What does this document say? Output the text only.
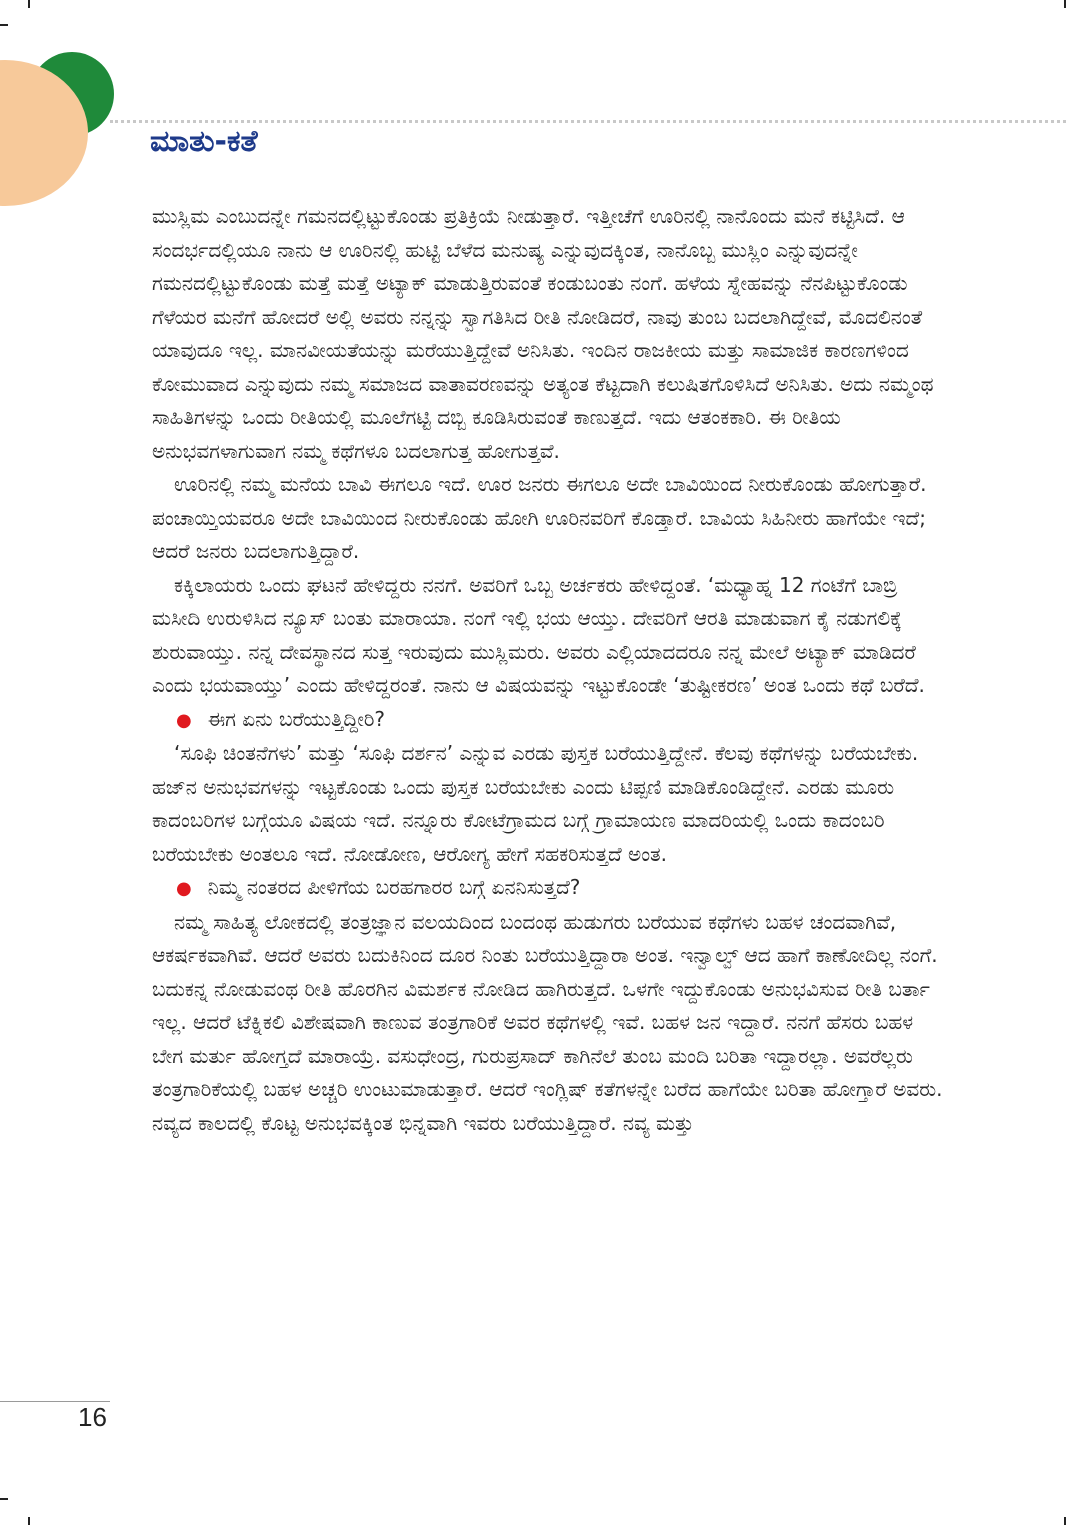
ಮಾತು-ಕತೆ

ಮುಸ್ಲಿಮ ಎಂಬುದನ್ನೇ ಗಮನದಲ್ಲಿಟ್ಟುಕೊಂಡು ಪ್ರತಿಕ್ರಿಯೆ ನೀಡುತ್ತಾರೆ. ಇತ್ತೀಚೆಗೆ ಊರಿನಲ್ಲಿ ನಾನೊಂದು ಮನೆ ಕಟ್ಟಿಸಿದೆ. ಆ ಸಂದರ್ಭದಲ್ಲಿಯೂ ನಾನು ಆ ಊರಿನಲ್ಲಿ ಹುಟ್ಟಿ ಬೆಳೆದ ಮನುಷ್ಯ ಎನ್ನುವುದಕ್ಕಿಂತ, ನಾನೊಬ್ಬ ಮುಸ್ಲಿಂ ಎನ್ನುವುದನ್ನೇ ಗಮನದಲ್ಲಿಟ್ಟುಕೊಂಡು ಮತ್ತೆ ಮತ್ತೆ ಅಟ್ಯಾಕ್ ಮಾಡುತ್ತಿರುವಂತೆ ಕಂಡುಬಂತು ನಂಗೆ. ಹಳೆಯ ಸ್ನೇಹವನ್ನು ನೆನಪಿಟ್ಟುಕೊಂಡು ಗೆಳೆಯರ ಮನೆಗೆ ಹೋದರೆ ಅಲ್ಲಿ ಅವರು ನನ್ನನ್ನು ಸ್ವಾಗತಿಸಿದ ರೀತಿ ನೋಡಿದರೆ, ನಾವು ತುಂಬ ಬದಲಾಗಿದ್ದೇವೆ, ಮೊದಲಿನಂತೆ ಯಾವುದೂ ಇಲ್ಲ. ಮಾನವೀಯತೆಯನ್ನು ಮರೆಯುತ್ತಿದ್ದೇವೆ ಅನಿಸಿತು. ಇಂದಿನ ರಾಜಕೀಯ ಮತ್ತು ಸಾಮಾಜಿಕ ಕಾರಣಗಳಿಂದ ಕೋಮುವಾದ ಎನ್ನುವುದು ನಮ್ಮ ಸಮಾಜದ ವಾತಾವರಣವನ್ನು ಅತ್ಯಂತ ಕೆಟ್ಟದಾಗಿ ಕಲುಷಿತಗೊಳಿಸಿದೆ ಅನಿಸಿತು. ಅದು ನಮ್ಮಂಥ ಸಾಹಿತಿಗಳನ್ನು ಒಂದು ರೀತಿಯಲ್ಲಿ ಮೂಲೆಗಟ್ಟಿ ದಬ್ಬಿ ಕೂಡಿಸಿರುವಂತೆ ಕಾಣುತ್ತದೆ. ಇದು ಆತಂಕಕಾರಿ. ಈ ರೀತಿಯ ಅನುಭವಗಳಾಗುವಾಗ ನಮ್ಮ ಕಥೆಗಳೂ ಬದಲಾಗುತ್ತ ಹೋಗುತ್ತವೆ.

ಊರಿನಲ್ಲಿ ನಮ್ಮ ಮನೆಯ ಬಾವಿ ಈಗಲೂ ಇದೆ. ಊರ ಜನರು ಈಗಲೂ ಅದೇ ಬಾವಿಯಿಂದ ನೀರುಕೊಂಡು ಹೋಗುತ್ತಾರೆ. ಪಂಚಾಯ್ತಿಯವರೂ ಅದೇ ಬಾವಿಯಿಂದ ನೀರುಕೊಂಡು ಹೋಗಿ ಊರಿನವರಿಗೆ ಕೊಡ್ತಾರೆ. ಬಾವಿಯ ಸಿಹಿನೀರು ಹಾಗೆಯೇ ಇದೆ; ಆದರೆ ಜನರು ಬದಲಾಗುತ್ತಿದ್ದಾರೆ.

ಕಕ್ಕಿಲಾಯರು ಒಂದು ಘಟನೆ ಹೇಳಿದ್ದರು ನನಗೆ. ಅವರಿಗೆ ಒಬ್ಬ ಅರ್ಚಕರು ಹೇಳಿದ್ದಂತೆ. ‘ಮಧ್ಯಾಹ್ನ 12 ಗಂಟೆಗೆ ಬಾಬ್ರಿ ಮಸೀದಿ ಉರುಳಿಸಿದ ನ್ಯೂಸ್ ಬಂತು ಮಾರಾಯಾ. ನಂಗೆ ಇಲ್ಲಿ ಭಯ ಆಯ್ತು. ದೇವರಿಗೆ ಆರತಿ ಮಾಡುವಾಗ ಕೈ ನಡುಗಲಿಕ್ಕೆ ಶುರುವಾಯ್ತು. ನನ್ನ ದೇವಸ್ಥಾನದ ಸುತ್ತ ಇರುವುದು ಮುಸ್ಲಿಮರು. ಅವರು ಎಲ್ಲಿಯಾದದರೂ ನನ್ನ ಮೇಲೆ ಅಟ್ಯಾಕ್ ಮಾಡಿದರೆ ಎಂದು ಭಯವಾಯ್ತು’ ಎಂದು ಹೇಳಿದ್ದರಂತೆ. ನಾನು ಆ ವಿಷಯವನ್ನು ಇಟ್ಟುಕೊಂಡೇ ‘ತುಷ್ಟೀಕರಣ’ ಅಂತ ಒಂದು ಕಥೆ ಬರೆದೆ.

● ಈಗ ಏನು ಬರೆಯುತ್ತಿದ್ದೀರಿ?

‘ಸೂಫಿ ಚಿಂತನೆಗಳು’ ಮತ್ತು ‘ಸೂಫಿ ದರ್ಶನ’ ಎನ್ನುವ ಎರಡು ಪುಸ್ತಕ ಬರೆಯುತ್ತಿದ್ದೇನೆ. ಕೆಲವು ಕಥೆಗಳನ್ನು ಬರೆಯಬೇಕು. ಹಜ್‌ನ ಅನುಭವಗಳನ್ನು ಇಟ್ಟಕೊಂಡು ಒಂದು ಪುಸ್ತಕ ಬರೆಯಬೇಕು ಎಂದು ಟಿಪ್ಪಣಿ ಮಾಡಿಕೊಂಡಿದ್ದೇನೆ. ಎರಡು ಮೂರು ಕಾದಂಬರಿಗಳ ಬಗ್ಗೆಯೂ ವಿಷಯ ಇದೆ. ನನ್ನೂರು ಕೋಟೆಗ್ರಾಮದ ಬಗ್ಗೆ ಗ್ರಾಮಾಯಣ ಮಾದರಿಯಲ್ಲಿ ಒಂದು ಕಾದಂಬರಿ ಬರೆಯಬೇಕು ಅಂತಲೂ ಇದೆ. ನೋಡೋಣ, ಆರೋಗ್ಯ ಹೇಗೆ ಸಹಕರಿಸುತ್ತದೆ ಅಂತ.

● ನಿಮ್ಮ ನಂತರದ ಪೀಳಿಗೆಯ ಬರಹಗಾರರ ಬಗ್ಗೆ ಏನನಿಸುತ್ತದೆ?

ನಮ್ಮ ಸಾಹಿತ್ಯ ಲೋಕದಲ್ಲಿ ತಂತ್ರಜ್ಞಾನ ವಲಯದಿಂದ ಬಂದಂಥ ಹುಡುಗರು ಬರೆಯುವ ಕಥೆಗಳು ಬಹಳ ಚಂದವಾಗಿವೆ, ಆಕರ್ಷಕವಾಗಿವೆ. ಆದರೆ ಅವರು ಬದುಕಿನಿಂದ ದೂರ ನಿಂತು ಬರೆಯುತ್ತಿದ್ದಾರಾ ಅಂತ. ಇನ್ವಾಲ್ವ್ ಆದ ಹಾಗೆ ಕಾಣೋದಿಲ್ಲ ನಂಗೆ. ಬದುಕನ್ನ ನೋಡುವಂಥ ರೀತಿ ಹೊರಗಿನ ವಿಮರ್ಶಕ ನೋಡಿದ ಹಾಗಿರುತ್ತದೆ. ಒಳಗೇ ಇದ್ದುಕೊಂಡು ಅನುಭವಿಸುವ ರೀತಿ ಬರ್ತಾ ಇಲ್ಲ. ಆದರೆ ಟೆಕ್ನಿಕಲಿ ವಿಶೇಷವಾಗಿ ಕಾಣುವ ತಂತ್ರಗಾರಿಕೆ ಅವರ ಕಥೆಗಳಲ್ಲಿ ಇವೆ. ಬಹಳ ಜನ ಇದ್ದಾರೆ. ನನಗೆ ಹೆಸರು ಬಹಳ ಬೇಗ ಮರ್ತು ಹೋಗ್ತದೆ ಮಾರಾಯ್ರೆ. ವಸುಧೇಂದ್ರ, ಗುರುಪ್ರಸಾದ್ ಕಾಗಿನೆಲೆ ತುಂಬ ಮಂದಿ ಬರಿತಾ ಇದ್ದಾರಲ್ಲಾ. ಅವರೆಲ್ಲರು ತಂತ್ರಗಾರಿಕೆಯಲ್ಲಿ ಬಹಳ ಅಚ್ಚರಿ ಉಂಟುಮಾಡುತ್ತಾರೆ. ಆದರೆ ಇಂಗ್ಲಿಷ್ ಕತೆಗಳನ್ನೇ ಬರೆದ ಹಾಗೆಯೇ ಬರಿತಾ ಹೋಗ್ತಾರೆ ಅವರು. ನವ್ಯದ ಕಾಲದಲ್ಲಿ ಕೊಟ್ಟ ಅನುಭವಕ್ಕಿಂತ ಭಿನ್ನವಾಗಿ ಇವರು ಬರೆಯುತ್ತಿದ್ದಾರೆ. ನವ್ಯ ಮತ್ತು

16
